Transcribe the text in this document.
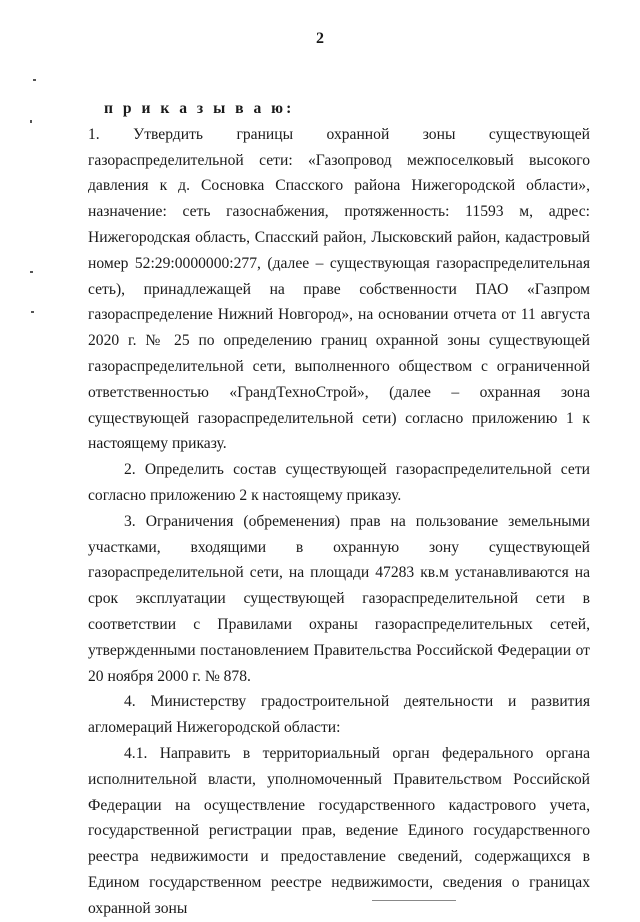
2

п р и к а з ы в а ю:

1. Утвердить границы охранной зоны существующей газораспределительной сети: «Газопровод межпоселковый высокого давления к д. Сосновка Спасского района Нижегородской области», назначение: сеть газоснабжения, протяженность: 11593 м, адрес: Нижегородская область, Спасский район, Лысковский район, кадастровый номер 52:29:0000000:277, (далее – существующая газораспределительная сеть), принадлежащей на праве собственности ПАО «Газпром газораспределение Нижний Новгород», на основании отчета от 11 августа 2020 г. № 25 по определению границ охранной зоны существующей газораспределительной сети, выполненного обществом с ограниченной ответственностью «ГрандТехноСтрой», (далее – охранная зона существующей газораспределительной сети) согласно приложению 1 к настоящему приказу.

2. Определить состав существующей газораспределительной сети согласно приложению 2 к настоящему приказу.

3. Ограничения (обременения) прав на пользование земельными участками, входящими в охранную зону существующей газораспределительной сети, на площади 47283 кв.м устанавливаются на срок эксплуатации существующей газораспределительной сети в соответствии с Правилами охраны газораспределительных сетей, утвержденными постановлением Правительства Российской Федерации от 20 ноября 2000 г. № 878.

4. Министерству градостроительной деятельности и развития агломераций Нижегородской области:

4.1. Направить в территориальный орган федерального органа исполнительной власти, уполномоченный Правительством Российской Федерации на осуществление государственного кадастрового учета, государственной регистрации прав, ведение Единого государственного реестра недвижимости и предоставление сведений, содержащихся в Едином государственном реестре недвижимости, сведения о границах охранной зоны
